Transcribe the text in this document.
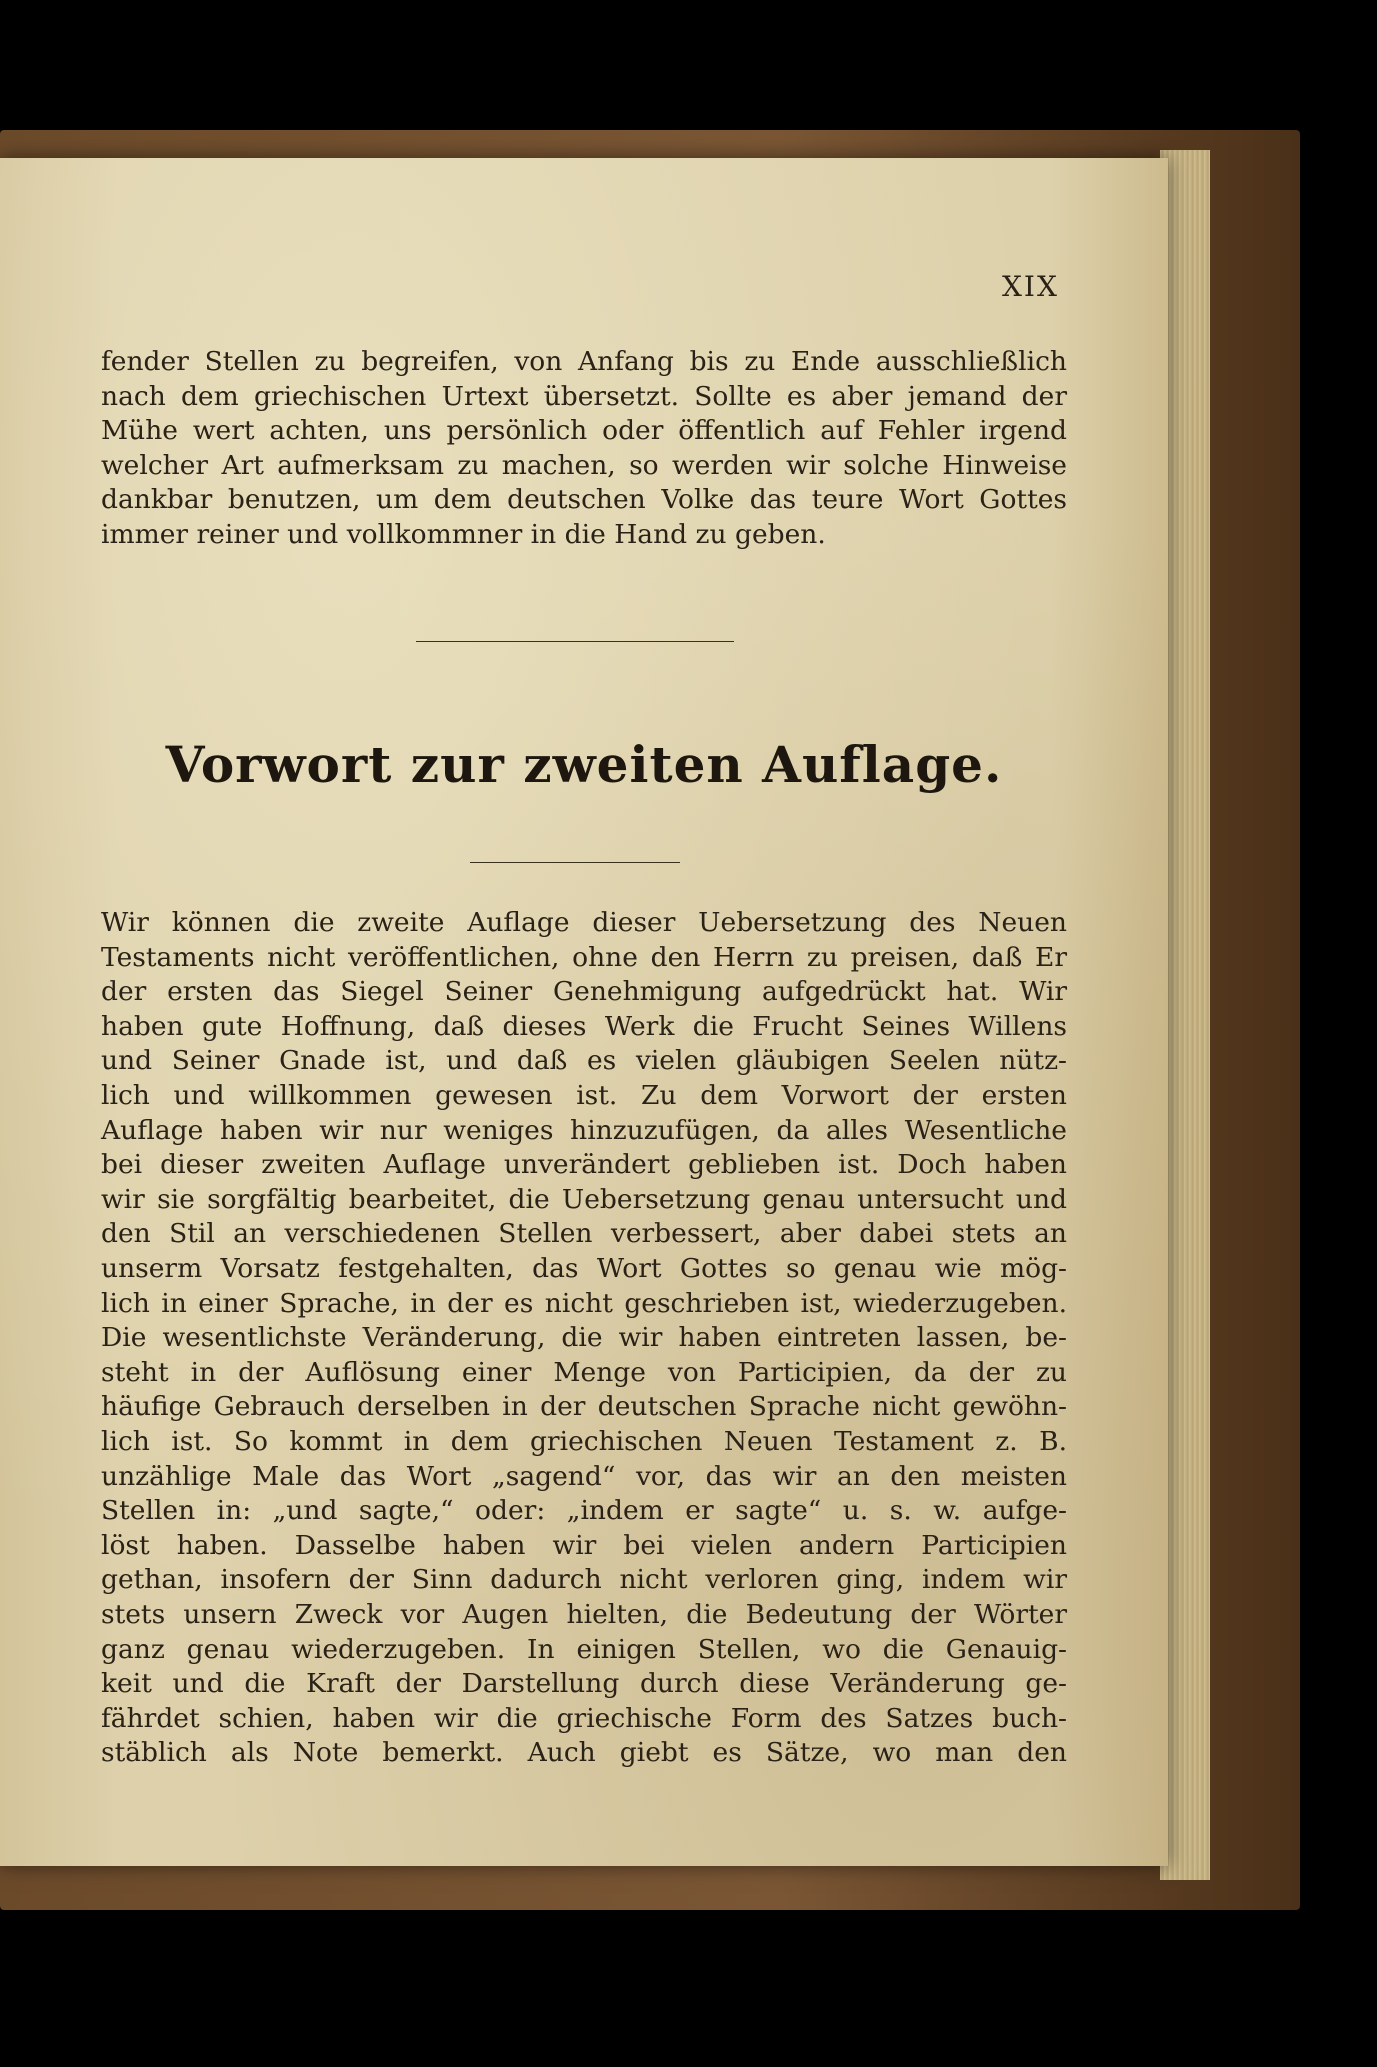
XIX
fender Stellen zu begreifen, von Anfang bis zu Ende ausschließlich
nach dem griechischen Urtext übersetzt. Sollte es aber jemand der
Mühe wert achten, uns persönlich oder öffentlich auf Fehler irgend
welcher Art aufmerksam zu machen, so werden wir solche Hinweise
dankbar benutzen, um dem deutschen Volke das teure Wort Gottes
immer reiner und vollkommner in die Hand zu geben.
Vorwort zur zweiten Auflage.
Wir können die zweite Auflage dieser Uebersetzung des Neuen
Testaments nicht veröffentlichen, ohne den Herrn zu preisen, daß Er
der ersten das Siegel Seiner Genehmigung aufgedrückt hat. Wir
haben gute Hoffnung, daß dieses Werk die Frucht Seines Willens
und Seiner Gnade ist, und daß es vielen gläubigen Seelen nütz-
lich und willkommen gewesen ist. Zu dem Vorwort der ersten
Auflage haben wir nur weniges hinzuzufügen, da alles Wesentliche
bei dieser zweiten Auflage unverändert geblieben ist. Doch haben
wir sie sorgfältig bearbeitet, die Uebersetzung genau untersucht und
den Stil an verschiedenen Stellen verbessert, aber dabei stets an
unserm Vorsatz festgehalten, das Wort Gottes so genau wie mög-
lich in einer Sprache, in der es nicht geschrieben ist, wiederzugeben.
Die wesentlichste Veränderung, die wir haben eintreten lassen, be-
steht in der Auflösung einer Menge von Participien, da der zu
häufige Gebrauch derselben in der deutschen Sprache nicht gewöhn-
lich ist. So kommt in dem griechischen Neuen Testament z. B.
unzählige Male das Wort „sagend“ vor, das wir an den meisten
Stellen in: „und sagte,“ oder: „indem er sagte“ u. s. w. aufge-
löst haben. Dasselbe haben wir bei vielen andern Participien
gethan, insofern der Sinn dadurch nicht verloren ging, indem wir
stets unsern Zweck vor Augen hielten, die Bedeutung der Wörter
ganz genau wiederzugeben. In einigen Stellen, wo die Genauig-
keit und die Kraft der Darstellung durch diese Veränderung ge-
fährdet schien, haben wir die griechische Form des Satzes buch-
stäblich als Note bemerkt. Auch giebt es Sätze, wo man den
